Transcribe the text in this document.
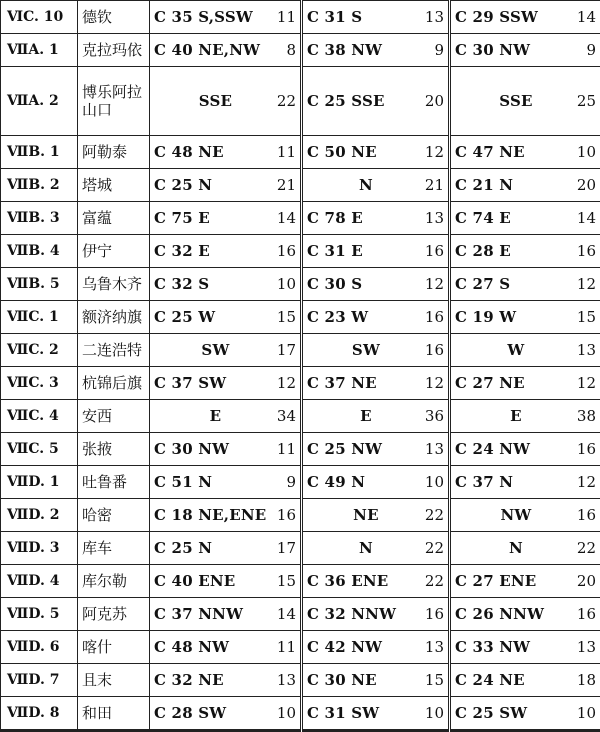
ⅥC. 10	德钦	C 35 S,SSW 11	C 31 S 13	C 29 SSW 14

ⅦA. 1	克拉玛依	C 40 NE,NW 8	C 38 NW 9	C 30 NW 9

ⅦA. 2	博乐阿拉山口	SSE 22	C 25 SSE 20	SSE 25

ⅦB. 1	阿勒泰	C 48 NE 11	C 50 NE 12	C 47 NE 10

ⅦB. 2	塔城	C 25 N 21	N 21	C 21 N 20

ⅦB. 3	富蕴	C 75 E 14	C 78 E 13	C 74 E 14

ⅦB. 4	伊宁	C 32 E 16	C 31 E 16	C 28 E 16

ⅦB. 5	乌鲁木齐	C 32 S 10	C 30 S 12	C 27 S 12

ⅦC. 1	额济纳旗	C 25 W 15	C 23 W 16	C 19 W 15

ⅦC. 2	二连浩特	SW 17	SW 16	W 13

ⅦC. 3	杭锦后旗	C 37 SW 12	C 37 NE 12	C 27 NE 12

ⅦC. 4	安西	E 34	E 36	E 38

ⅦC. 5	张掖	C 30 NW 11	C 25 NW 13	C 24 NW 16

ⅦD. 1	吐鲁番	C 51 N 9	C 49 N 10	C 37 N 12

ⅦD. 2	哈密	C 18 NE,ENE 16	NE 22	NW 16

ⅦD. 3	库车	C 25 N 17	N 22	N 22

ⅦD. 4	库尔勒	C 40 ENE 15	C 36 ENE 22	C 27 ENE 20

ⅦD. 5	阿克苏	C 37 NNW 14	C 32 NNW 16	C 26 NNW 16

ⅦD. 6	喀什	C 48 NW 11	C 42 NW 13	C 33 NW 13

ⅦD. 7	且末	C 32 NE 13	C 30 NE 15	C 24 NE 18

ⅦD. 8	和田	C 28 SW 10	C 31 SW 10	C 25 SW 10
